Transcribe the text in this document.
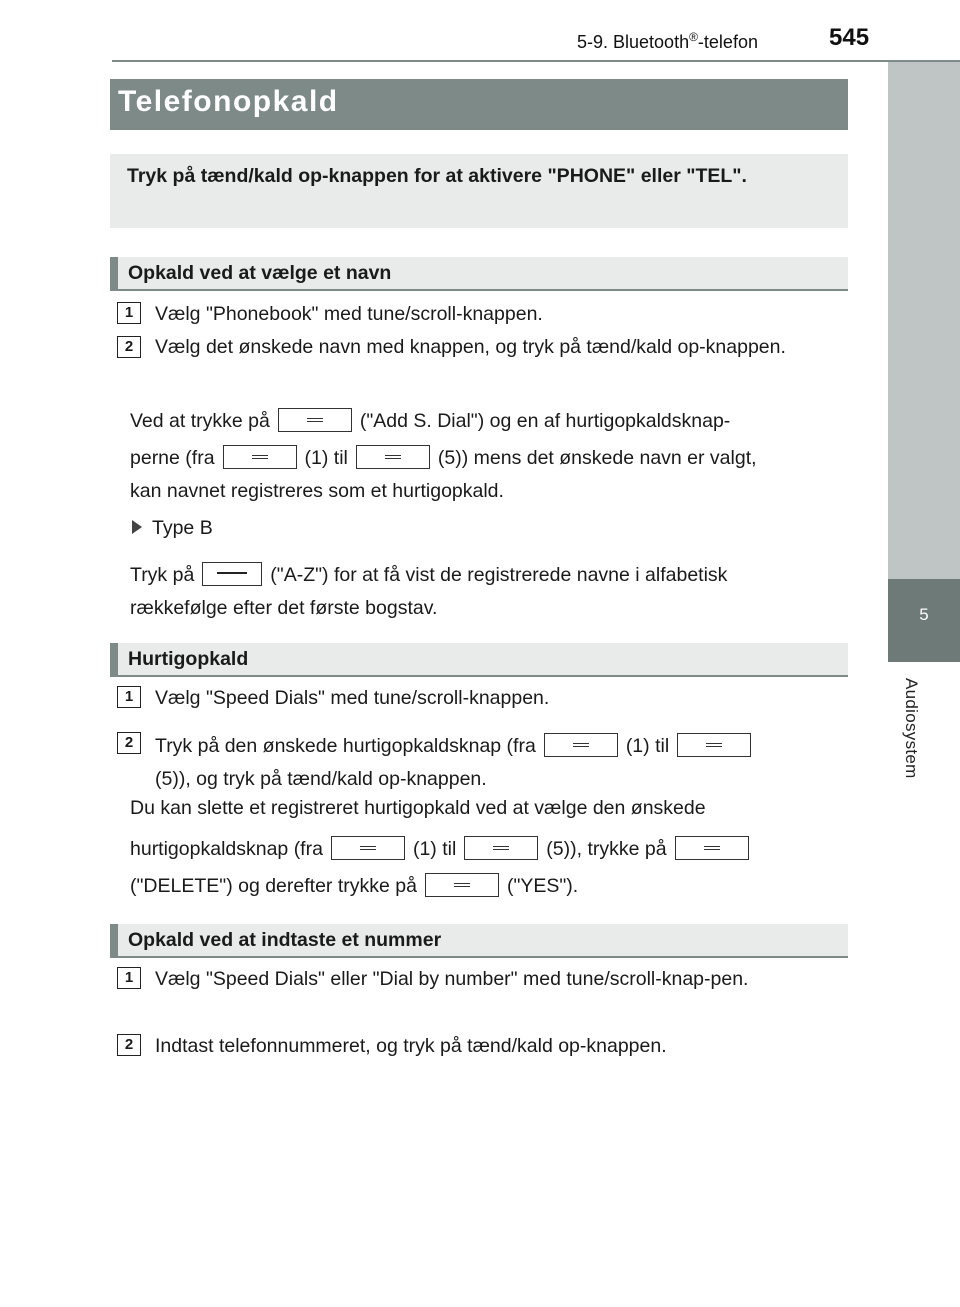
5-9. Bluetooth®-telefon	545
5
Audiosystem
Telefonopkald

Tryk på tænd/kald op-knappen for at aktivere "PHONE" eller "TEL".

Opkald ved at vælge et navn
1	Vælg "Phonebook" med tune/scroll-knappen.
2	Vælg det ønskede navn med knappen, og tryk på tænd/kald op-knappen.
Ved at trykke på	("Add S. Dial") og en af hurtigopkaldsknap-
perne (fra	(1) til	(5)) mens det ønskede navn er valgt,
kan navnet registreres som et hurtigopkald.
Type B
Tryk på	("A-Z") for at få vist de registrerede navne i alfabetisk
rækkefølge efter det første bogstav.
Hurtigopkald
1	Vælg "Speed Dials" med tune/scroll-knappen.
2	Tryk på den ønskede hurtigopkaldsknap (fra	(1) til
(5)), og tryk på tænd/kald op-knappen.
Du kan slette et registreret hurtigopkald ved at vælge den ønskede
hurtigopkaldsknap (fra	(1) til	(5)), trykke på
("DELETE") og derefter trykke på	("YES").
Opkald ved at indtaste et nummer
1	Vælg "Speed Dials" eller "Dial by number" med tune/scroll-knap-pen.
2	Indtast telefonnummeret, og tryk på tænd/kald op-knappen.
